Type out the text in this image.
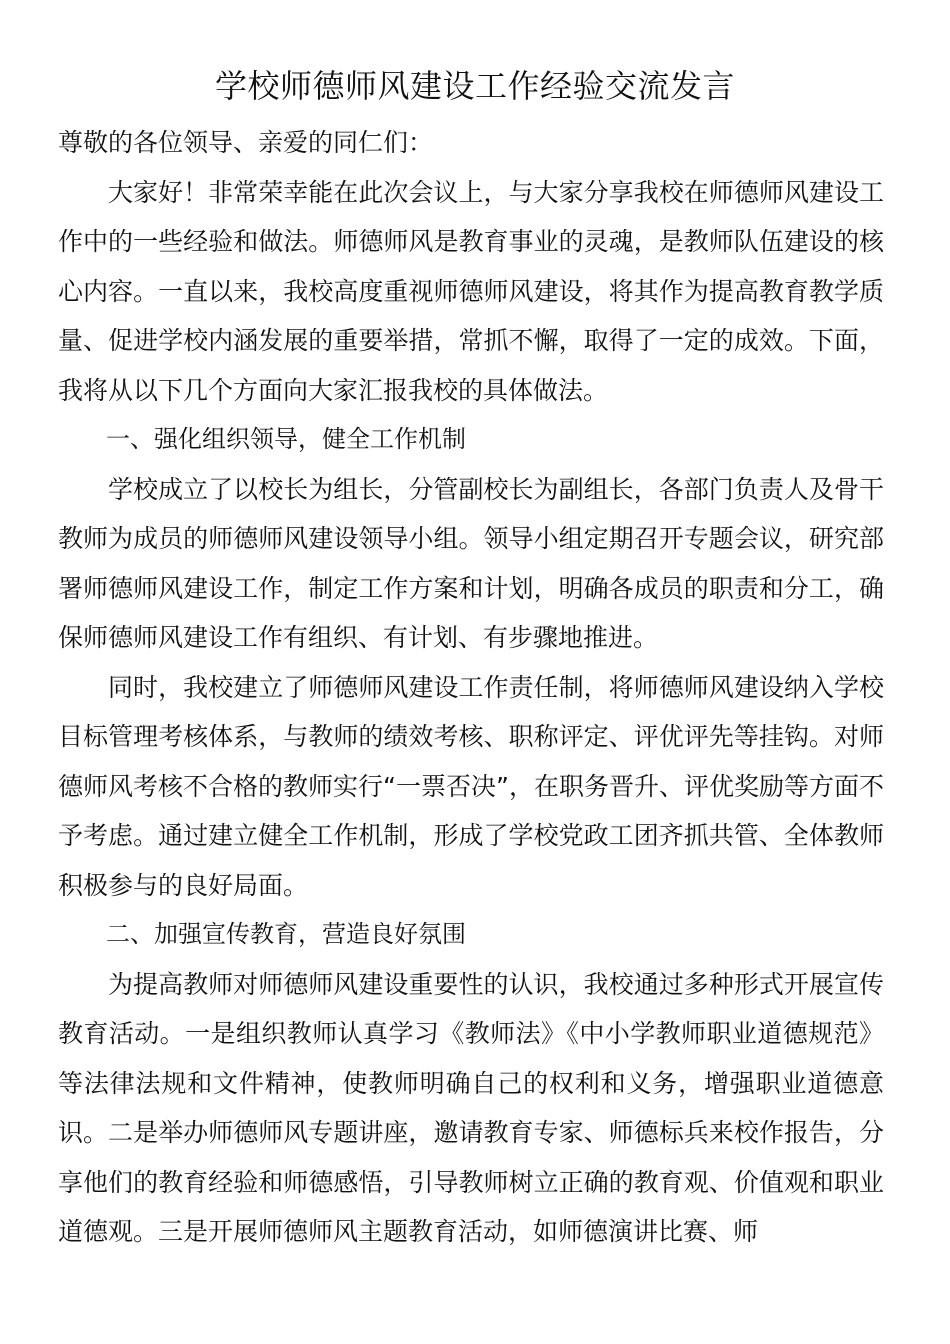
学校师德师风建设工作经验交流发言

尊敬的各位领导、亲爱的同仁们：

大家好！非常荣幸能在此次会议上，与大家分享我校在师德师风建设工作中的一些经验和做法。师德师风是教育事业的灵魂，是教师队伍建设的核心内容。一直以来，我校高度重视师德师风建设，将其作为提高教育教学质量、促进学校内涵发展的重要举措，常抓不懈，取得了一定的成效。下面，我将从以下几个方面向大家汇报我校的具体做法。

一、强化组织领导，健全工作机制

学校成立了以校长为组长，分管副校长为副组长，各部门负责人及骨干教师为成员的师德师风建设领导小组。领导小组定期召开专题会议，研究部署师德师风建设工作，制定工作方案和计划，明确各成员的职责和分工，确保师德师风建设工作有组织、有计划、有步骤地推进。

同时，我校建立了师德师风建设工作责任制，将师德师风建设纳入学校目标管理考核体系，与教师的绩效考核、职称评定、评优评先等挂钩。对师德师风考核不合格的教师实行“一票否决”，在职务晋升、评优奖励等方面不予考虑。通过建立健全工作机制，形成了学校党政工团齐抓共管、全体教师积极参与的良好局面。

二、加强宣传教育，营造良好氛围

为提高教师对师德师风建设重要性的认识，我校通过多种形式开展宣传教育活动。一是组织教师认真学习《教师法》《中小学教师职业道德规范》等法律法规和文件精神，使教师明确自己的权利和义务，增强职业道德意识。二是举办师德师风专题讲座，邀请教育专家、师德标兵来校作报告，分享他们的教育经验和师德感悟，引导教师树立正确的教育观、价值观和职业道德观。三是开展师德师风主题教育活动，如师德演讲比赛、师
